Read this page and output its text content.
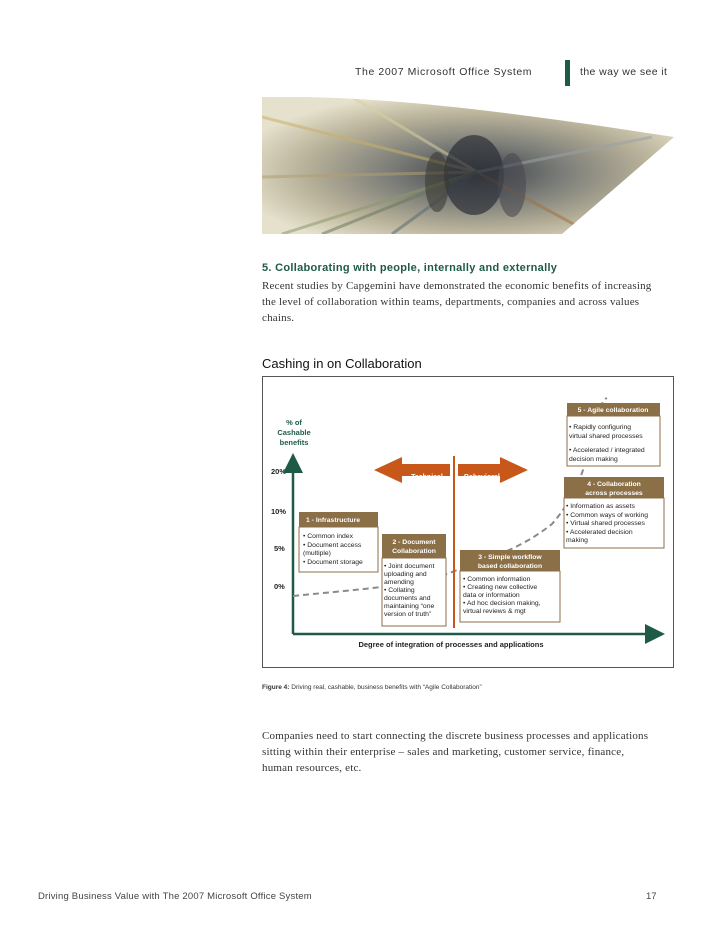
The 2007 Microsoft Office System	the way we see it
5. Collaborating with people, internally and externally
Recent studies by Capgemini have demonstrated the economic benefits of increasing
the level of collaboration within teams, departments, companies and across values
chains.
Cashing in on Collaboration
% of
Cashable
benefits
20%
10%
5%
0%
Degree of integration of processes and applications
Technical
issues
Behavioral
issues
1 - Infrastructure
• Common index
• Document access
(multiple)
• Document storage
2 - Document
Collaboration
• Joint document
uploading and
amending
• Collating
documents and
maintaining “one
version of truth”
3 - Simple workflow
based collaboration
• Common information
• Creating new collective
data or information
• Ad hoc decision making,
virtual reviews & mgt
4 - Collaboration
across processes
• Information as assets
• Common ways of working
• Virtual shared processes
• Accelerated decision
making
5 - Agile collaboration
• Rapidly configuring
virtual shared processes
• Accelerated / integrated
decision making
Figure 4: Driving real, cashable, business benefits with “Agile Collaboration”
Companies need to start connecting the discrete business processes and applications
sitting within their enterprise – sales and marketing, customer service, finance,
human resources, etc.
Driving Business Value with The 2007 Microsoft Office System	17
